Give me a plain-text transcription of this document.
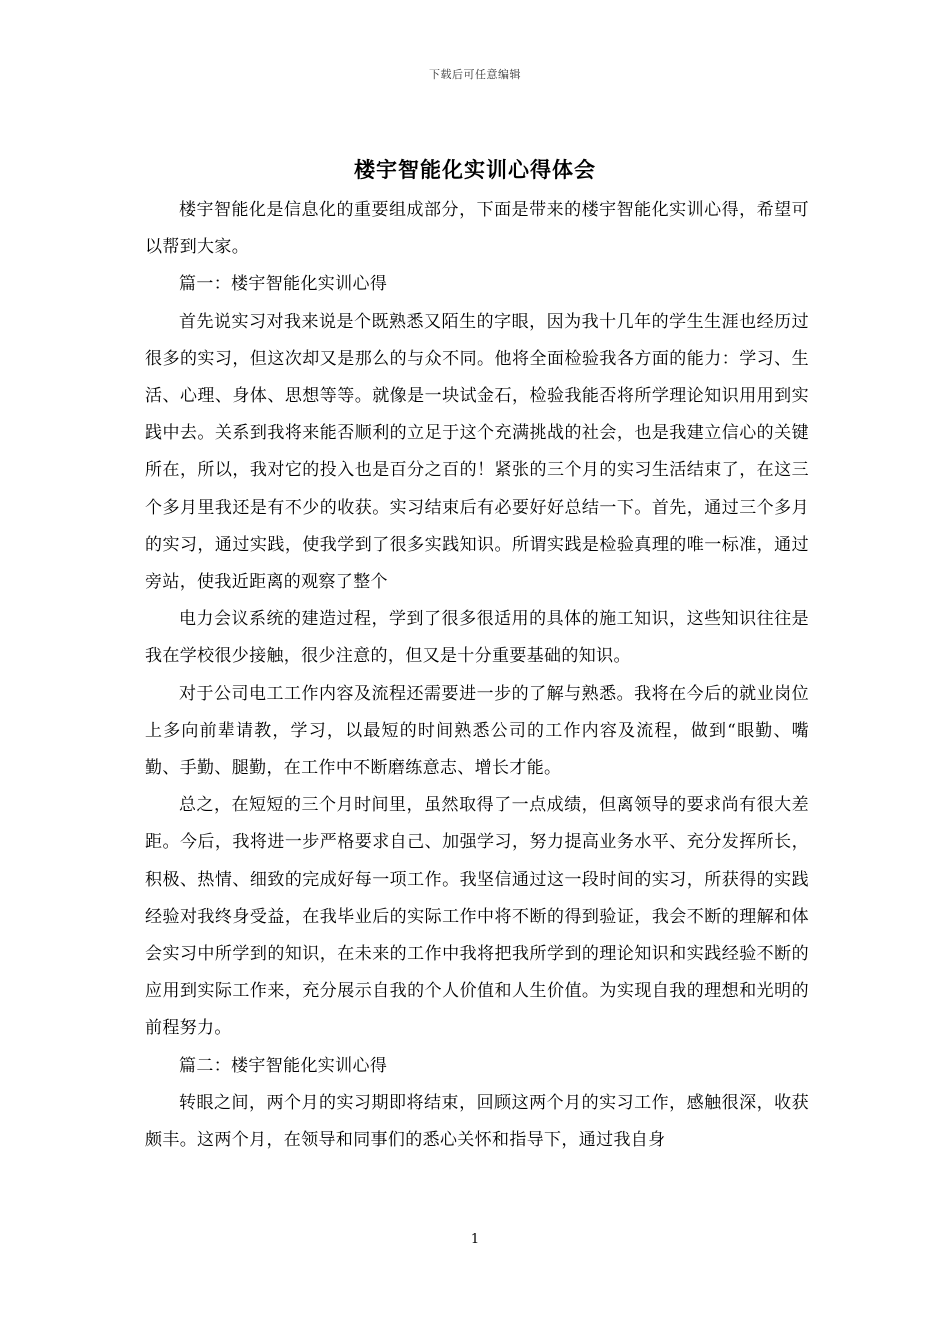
下载后可任意编辑
楼宇智能化实训心得体会

楼宇智能化是信息化的重要组成部分，下面是带来的楼宇智能化实训心得，希望可以帮到大家。

篇一：楼宇智能化实训心得

首先说实习对我来说是个既熟悉又陌生的字眼，因为我十几年的学生生涯也经历过很多的实习，但这次却又是那么的与众不同。他将全面检验我各方面的能力：学习、生活、心理、身体、思想等等。就像是一块试金石，检验我能否将所学理论知识用用到实践中去。关系到我将来能否顺利的立足于这个充满挑战的社会，也是我建立信心的关键所在，所以，我对它的投入也是百分之百的！紧张的三个月的实习生活结束了，在这三个多月里我还是有不少的收获。实习结束后有必要好好总结一下。首先，通过三个多月的实习，通过实践，使我学到了很多实践知识。所谓实践是检验真理的唯一标准，通过旁站，使我近距离的观察了整个

电力会议系统的建造过程，学到了很多很适用的具体的施工知识，这些知识往往是我在学校很少接触，很少注意的，但又是十分重要基础的知识。

对于公司电工工作内容及流程还需要进一步的了解与熟悉。我将在今后的就业岗位上多向前辈请教，学习，以最短的时间熟悉公司的工作内容及流程，做到“眼勤、嘴勤、手勤、腿勤，在工作中不断磨练意志、增长才能。

总之，在短短的三个月时间里，虽然取得了一点成绩，但离领导的要求尚有很大差距。今后，我将进一步严格要求自己、加强学习，努力提高业务水平、充分发挥所长，积极、热情、细致的完成好每一项工作。我坚信通过这一段时间的实习，所获得的实践经验对我终身受益，在我毕业后的实际工作中将不断的得到验证，我会不断的理解和体会实习中所学到的知识，在未来的工作中我将把我所学到的理论知识和实践经验不断的应用到实际工作来，充分展示自我的个人价值和人生价值。为实现自我的理想和光明的前程努力。

篇二：楼宇智能化实训心得

转眼之间，两个月的实习期即将结束，回顾这两个月的实习工作，感触很深，收获颇丰。这两个月，在领导和同事们的悉心关怀和指导下，通过我自身

1
